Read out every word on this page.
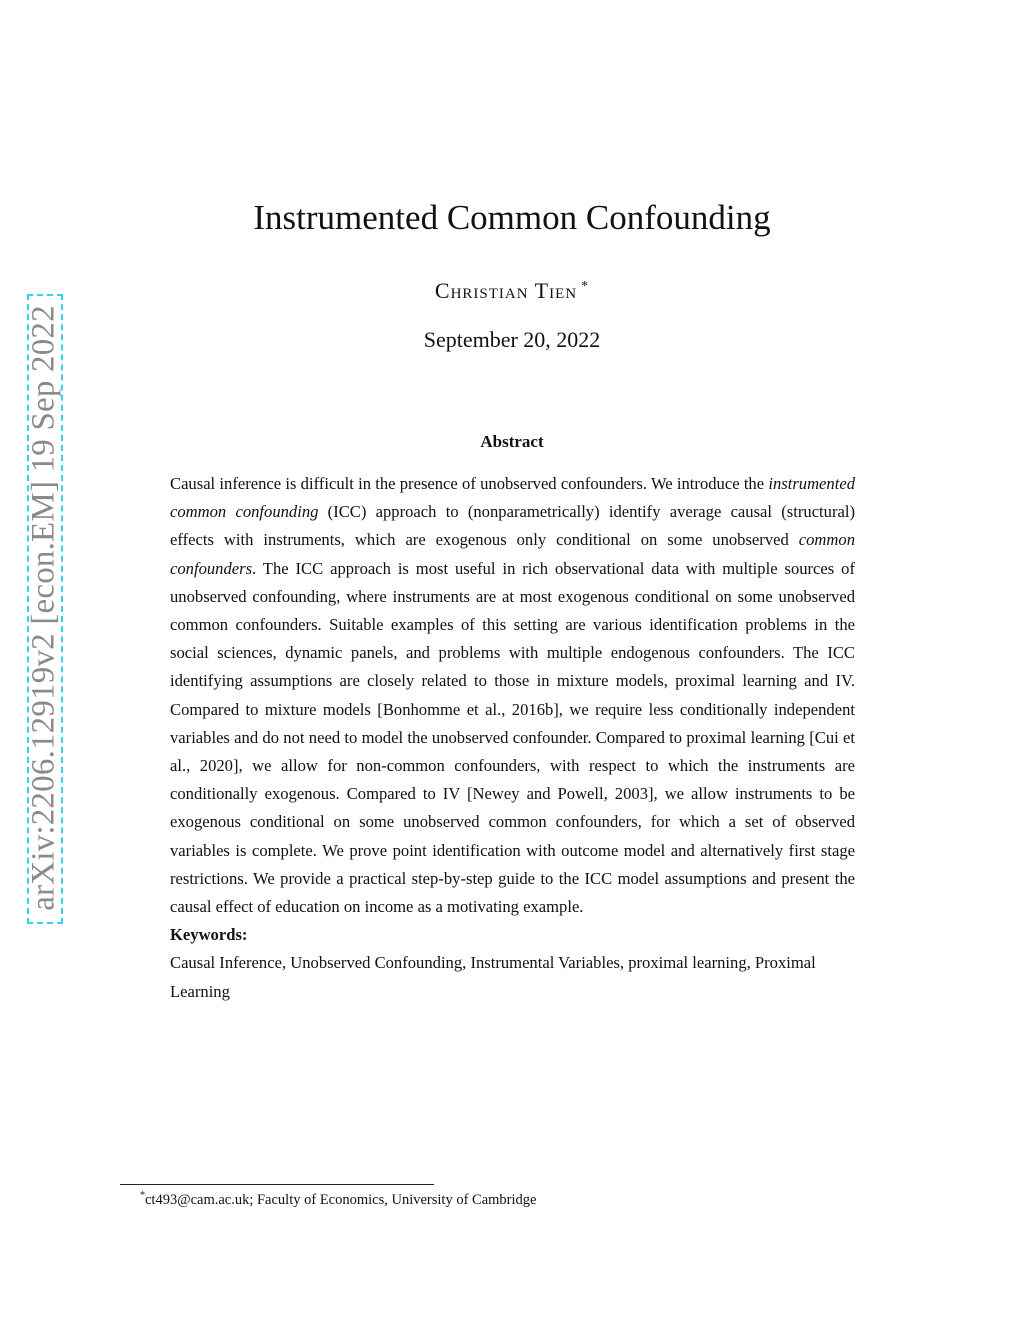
arXiv:2206.12919v2 [econ.EM] 19 Sep 2022
Instrumented Common Confounding
Christian Tien *
September 20, 2022
Abstract

Causal inference is difficult in the presence of unobserved confounders. We introduce the instrumented common confounding (ICC) approach to (nonparametrically) identify average causal (structural) effects with instruments, which are exogenous only conditional on some unobserved common confounders. The ICC approach is most useful in rich observational data with multiple sources of unobserved confounding, where instruments are at most exogenous conditional on some unobserved common confounders. Suitable examples of this setting are various identification problems in the social sciences, dynamic panels, and problems with multiple endogenous confounders. The ICC identifying assumptions are closely related to those in mixture models, proximal learning and IV. Compared to mixture models [Bonhomme et al., 2016b], we require less conditionally independent variables and do not need to model the unobserved confounder. Compared to proximal learning [Cui et al., 2020], we allow for non-common confounders, with respect to which the instruments are conditionally exogenous. Compared to IV [Newey and Powell, 2003], we allow instruments to be exogenous conditional on some unobserved common confounders, for which a set of observed variables is complete. We prove point identification with outcome model and alternatively first stage restrictions. We provide a practical step-by-step guide to the ICC model assumptions and present the causal effect of education on income as a motivating example.

Keywords:

Causal Inference, Unobserved Confounding, Instrumental Variables, proximal learning, Proximal Learning

*ct493@cam.ac.uk; Faculty of Economics, University of Cambridge
